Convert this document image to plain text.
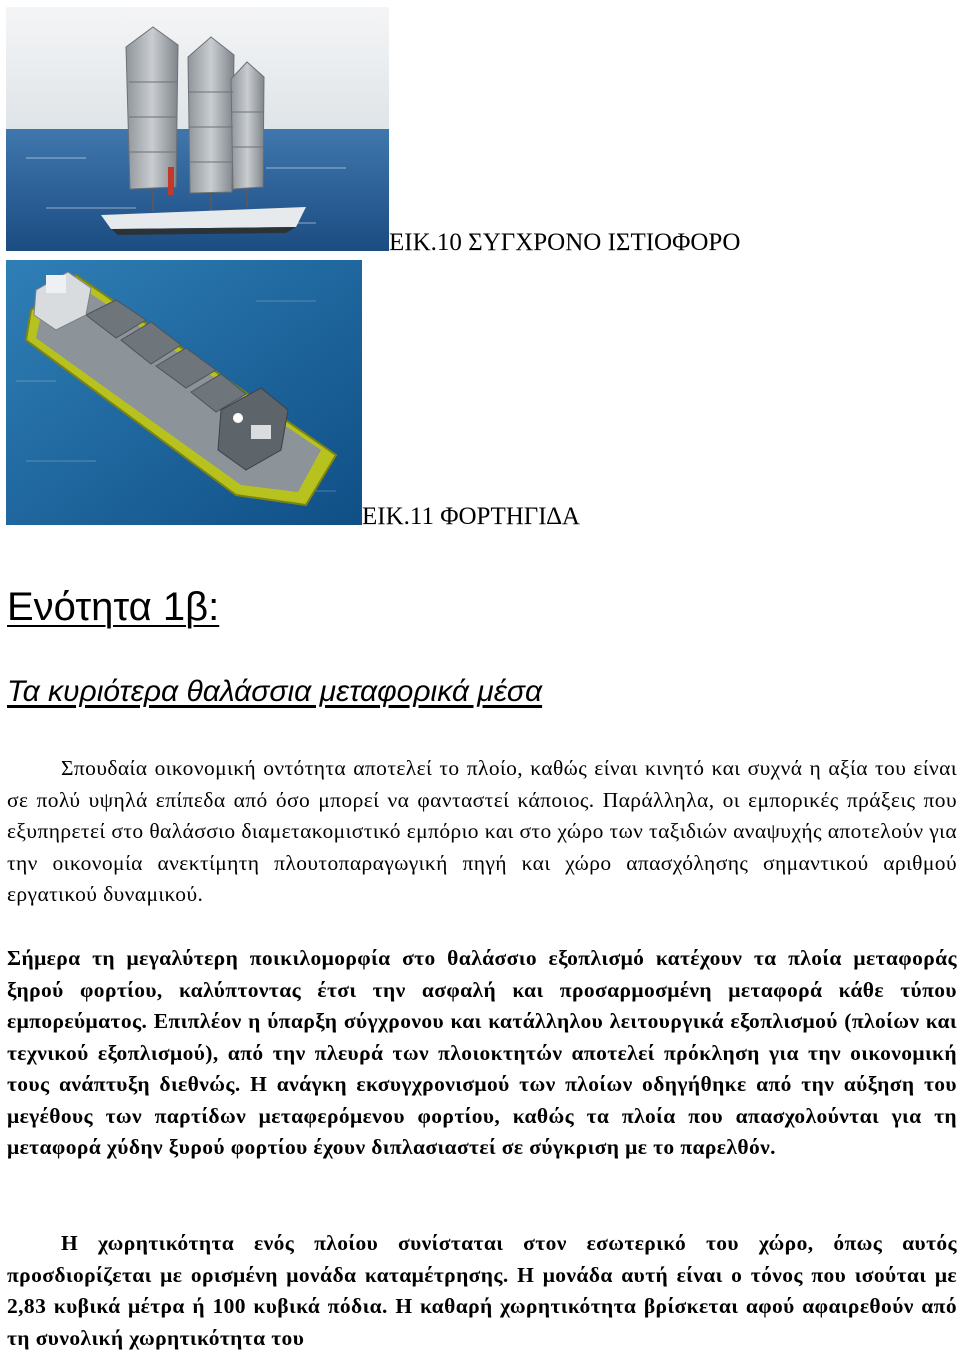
ΕΙΚ.10 ΣΥΓΧΡΟΝΟ ΙΣΤΙΟΦΟΡΟ
ΕΙΚ.11 ΦΟΡΤΗΓΙ∆Α
Ενότητα 1β:
Τα κυριότερα θαλάσσια μεταφορικά μέσα

Σπουδαία οικονομική οντότητα αποτελεί το πλοίο, καθώς είναι κινητό και συχνά η αξία του είναι σε πολύ υψηλά επίπεδα από όσο μπορεί να φανταστεί κάποιος. Παράλληλα, οι εμπορικές πράξεις που εξυπηρετεί στο θαλάσσιο διαμετακομιστικό εμπόριο και στο χώρο των ταξιδιών αναψυχής αποτελούν για την οικονομία ανεκτίμητη πλουτοπαραγωγική πηγή και χώρο απασχόλησης σημαντικού αριθμού εργατικού δυναμικού.

Σήμερα τη μεγαλύτερη ποικιλομορφία στο θαλάσσιο εξοπλισμό κατέχουν τα πλοία μεταφοράς ξηρού φορτίου, καλύπτοντας έτσι την ασφαλή και προσαρμοσμένη μεταφορά κάθε τύπου εμπορεύματος. Επιπλέον η ύπαρξη σύγχρονου και κατάλληλου λειτουργικά εξοπλισμού (πλοίων και τεχνικού εξοπλισμού), από την πλευρά των πλοιοκτητών αποτελεί πρόκληση για την οικονομική τους ανάπτυξη διεθνώς. Η ανάγκη εκσυγχρονισμού των πλοίων οδηγήθηκε από την αύξηση του μεγέθους των παρτίδων μεταφερόμενου φορτίου, καθώς τα πλοία που απασχολούνται για τη μεταφορά χύδην ξυρού φορτίου έχουν διπλασιαστεί σε σύγκριση με το παρελθόν.

Η χωρητικότητα ενός πλοίου συνίσταται στον εσωτερικό του χώρο, όπως αυτός προσδιορίζεται με ορισμένη μονάδα καταμέτρησης. Η μονάδα αυτή είναι ο τόνος που ισούται με 2,83 κυβικά μέτρα ή 100 κυβικά πόδια. Η καθαρή χωρητικότητα βρίσκεται αφού αφαιρεθούν από τη συνολική χωρητικότητα του
